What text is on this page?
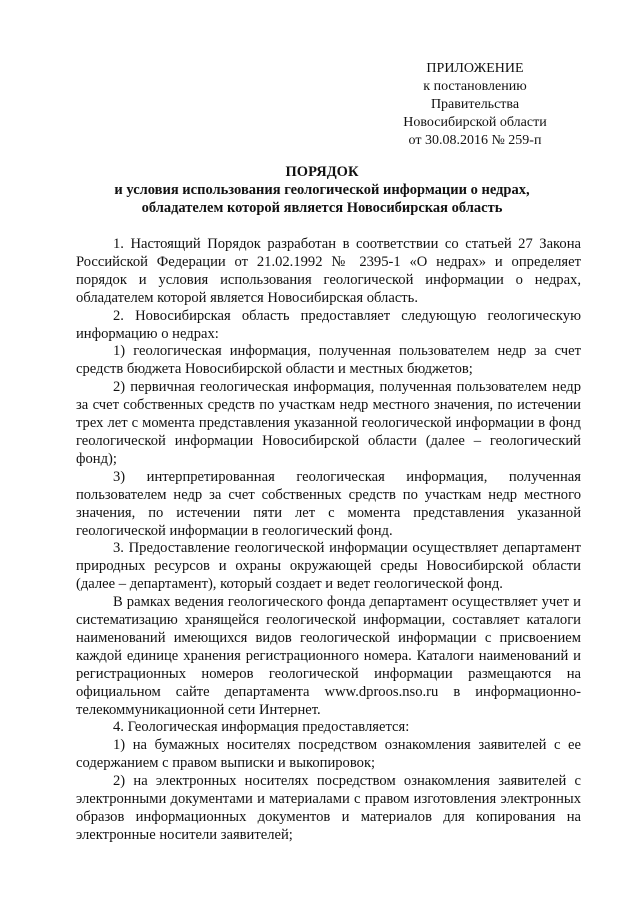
ПРИЛОЖЕНИЕ
к постановлению Правительства
Новосибирской области
от 30.08.2016 № 259-п
ПОРЯДОК
и условия использования геологической информации о недрах,
обладателем которой является Новосибирская область

1. Настоящий Порядок разработан в соответствии со статьей 27 Закона Российской Федерации от 21.02.1992 № 2395-1 «О недрах» и определяет порядок и условия использования геологической информации о недрах, обладателем которой является Новосибирская область.

2. Новосибирская область предоставляет следующую геологическую информацию о недрах:

1) геологическая информация, полученная пользователем недр за счет средств бюджета Новосибирской области и местных бюджетов;

2) первичная геологическая информация, полученная пользователем недр за счет собственных средств по участкам недр местного значения, по истечении трех лет с момента представления указанной геологической информации в фонд геологической информации Новосибирской области (далее – геологический фонд);

3) интерпретированная геологическая информация, полученная пользователем недр за счет собственных средств по участкам недр местного значения, по истечении пяти лет с момента представления указанной геологической информации в геологический фонд.

3. Предоставление геологической информации осуществляет департамент природных ресурсов и охраны окружающей среды Новосибирской области (далее – департамент), который создает и ведет геологической фонд.

В рамках ведения геологического фонда департамент осуществляет учет и систематизацию хранящейся геологической информации, составляет каталоги наименований имеющихся видов геологической информации с присвоением каждой единице хранения регистрационного номера. Каталоги наименований и регистрационных номеров геологической информации размещаются на официальном сайте департамента www.dproos.nso.ru в информационно-телекоммуникационной сети Интернет.

4. Геологическая информация предоставляется:

1) на бумажных носителях посредством ознакомления заявителей с ее содержанием с правом выписки и выкопировок;

2) на электронных носителях посредством ознакомления заявителей с электронными документами и материалами с правом изготовления электронных образов информационных документов и материалов для копирования на электронные носители заявителей;
